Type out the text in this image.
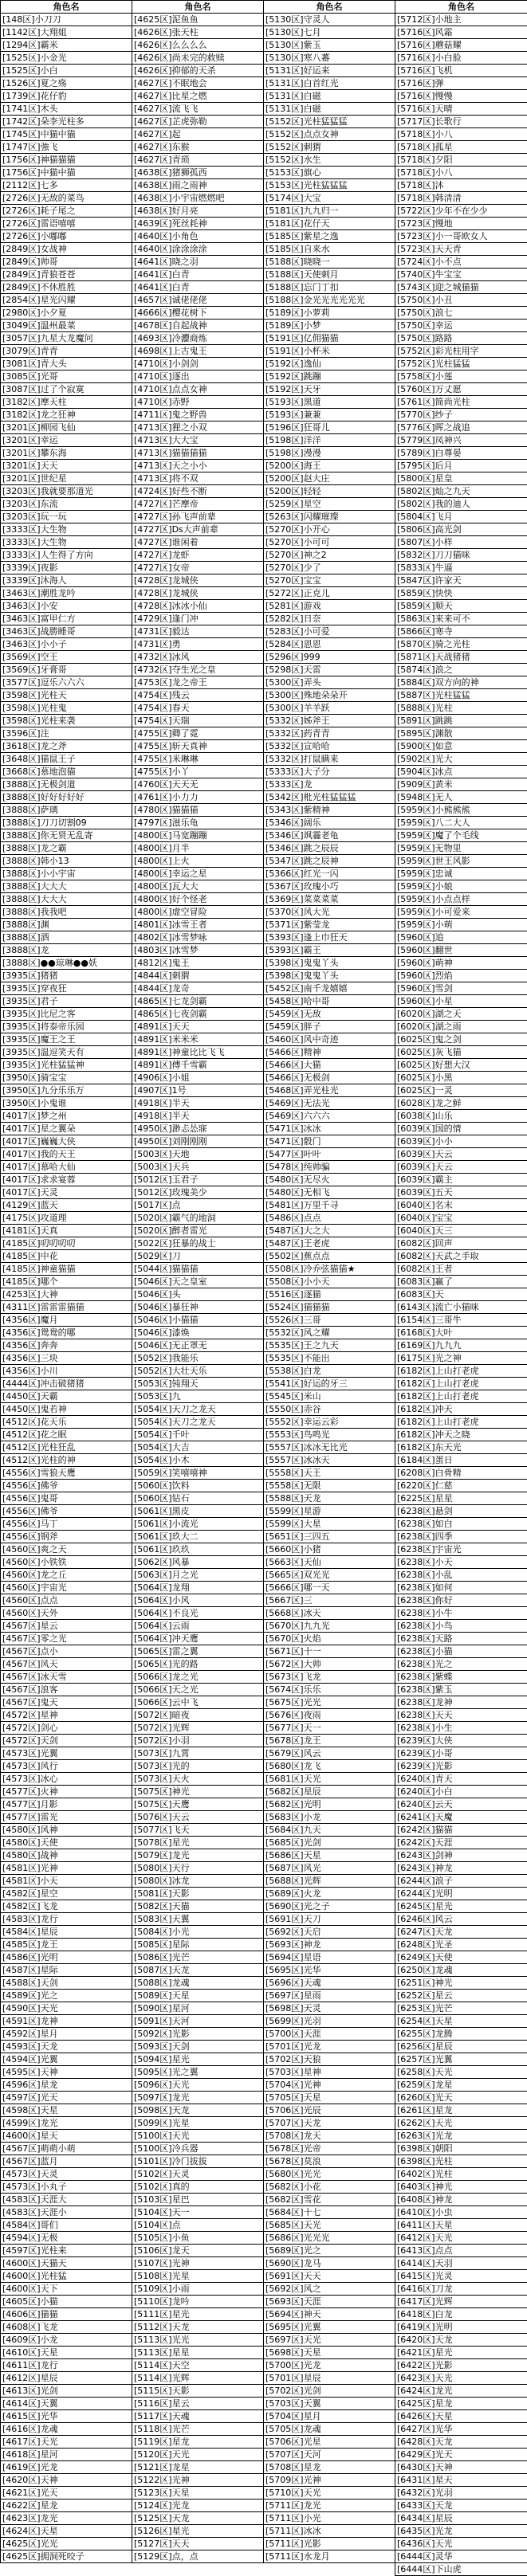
角色名	角色名	角色名	角色名
[148区]小刀刀	[4625区]泥鱼鱼	[5130区]守灵人	[5712区]小地主
[1142区]大翔姐	[4626区]张天柱	[5130区]七月	[5716区]风霜
[1294区]霸米	[4626区]么么么么	[5130区]紫玉	[5716区]蘑菇耀
[1525区]小金光	[4626区]尚未完的救赎	[5130区]寒八蕃	[5716区]小白脸
[1525区]小白	[4626区]抑郁的天杀	[5131区]好运来	[5716区]飞机
[1526区]夏之殇	[4627区]不眠地会	[5131区]白首红光	[5716区]弹
[1739区]花仔豹	[4627区]比星之燃	[5131区]白磁	[5716区]慢慢
[1741区]木头	[4627区]流飞飞	[5131区]白磁	[5716区]天晴
[1742区]朵李光柱多	[4627区]芷虎弥勒	[5152区]光柱猛猛猛	[5717区]长歌行
[1745区]中猫中猫	[4627区]起	[5152区]点点女神	[5718区]小八
[1747区]強飞	[4627区]东猴	[5152区]刺猬	[5718区]孤星
[1756区]神猫猫猫	[4627区]青琐	[5152区]水生	[5718区]夕阳
[1756区]中猫中猫	[4638区]猪狮孤西	[5153区]旗心	[5718区]小八
[2112区]七多	[4638区]雨之雨神	[5153区]光柱猛猛猛	[5718区]沐
[2726区]无敌的菜鸟	[4638区]小宇宙燃燃吧	[5174区]大宝	[5718区]韩清清
[2726区]耗子尾之	[4638区]好月亮	[5181区]九九归一	[5722区]少年不在少少
[2726区]雷语嘻嘻	[4639区]死丝耗神	[5181区]花仔天	[5723区]慢地
[2726区]小嘟嘟	[4640区]小角色	[5185区]紫星之逸	[5723区]小一哥欧女人
[2849区]女战神	[4640区]涂涂涂涂	[5185区]自来水	[5723区]天天青
[2849区]帅哥	[4641区]晓之羽	[5188区]晓晓一	[5724区]小不点
[2849区]青狼苍苍	[4641区]白青	[5188区]天使刺月	[5740区]牛宝宝
[2849区]不休胜胜	[4641区]白青	[5188区]忘门丁扣	[5743区]迎之城猫猫
[2854区]星光闪耀	[4657区]诚佬佬佬	[5188区]金光光光光光光	[5750区]小丑
[2980区]小夕夏	[4666区]樱花树下	[5189区]小萝莉	[5750区]浪七
[3049区]温州最菜	[4678区]自起战神	[5189区]小梦	[5750区]幸运
[3057区]九星大龙魔问	[4693区]冷灋商炼	[5191区]亿佣猫猫	[5750区]路路
[3079区]青青	[4698区]上古鬼王	[5191区]小杯米	[5752区]彩光柱用字
[3081区]青大头	[4710区]小剑剑	[5192区]逸仙	[5752区]光柱猛猛
[3085区]光哥	[4710区]逐出	[5192区]跳蹦	[5758区]小莲
[3087区]过了个寂寞	[4710区]点点女神	[5192区]天牙	[5760区]万丈愿
[3182区]摩天柱	[4710区]赤野	[5193区]黑道	[5761区]简尚光柱
[3182区]龙之狂神	[4711区]鬼之野兽	[5193区]兼兼	[5770区]纱子
[3201区]柳园飞仙	[4713区]狸之小双	[5196区]狂哥儿	[5776区]晖之战追
[3201区]幸运	[4713区]大大宝	[5198区]洋洋	[5779区]凤神兴
[3201区]攀东海	[4713区]猫猫猫猫	[5198区]漫漫	[5789区]白尊晏
[3201区]天天	[4713区]天之小小	[5200区]海王	[5795区]后月
[3201区]世纪星	[4713区]将不双	[5200区]赵大庄	[5800区]星皇
[3203区]我就要那道光	[4724区]好些不断	[5200区]轻轻	[5802区]灿之九天
[3203区]东流	[4727区]芒摩帝	[5259区]星空	[5802区]我的迪人
[3203区]玩一玩	[4727区]孙飞声前辈	[5263区]闪耀璀璨	[5804区]飞月
[3333区]大生物	[4727区]Ds大声前辈	[5270区]小开心	[5806区]高光剑
[3333区]大生物	[4727区]谁闲着	[5270区]小可可	[5807区]小样
[3333区]人生得了方向	[4727区]龙虾	[5270区]神之2	[5832区]刀刀猫咪
[3339区]夜影	[4727区]女帝	[5270区]少了	[5833区]牛逼
[3339区]沐海人	[4728区]龙城侠	[5270区]宝宝	[5847区]许家天
[3463区]潮胜龙吟	[4728区]龙城侠	[5272区]正克儿	[5859区]快快
[3463区]小安	[4728区]冰冰小仙	[5281区]游戏	[5859区]顺天
[3463区]富甲仁方	[4729区]逢门冲	[5282区]日奈	[5863区]来来可不
[3463区]战勝睡哥	[4731区]毅达	[5283区]小可爱	[5866区]寒寺
[3463区]小小子	[4731区]勇	[5284区]恩恩	[5870区]骑之光柱
[3569区]空王	[4732区]冰风	[5296区]999	[5871区]天战猪猪
[3569区]牙膏哥	[4732区]夺生光之皇	[5298区]天雷	[5874区]浪之
[3577区]逗乐六六六	[4753区]龙之帝王	[5300区]弄头	[5884区]双方向的神
[3598区]光柱天	[4754区]残云	[5300区]殊地朵朵开	[5887区]光柱猛猛
[3598区]光柱鬼	[4754区]春天	[5300区]羊羊跃	[5888区]光柱
[3598区]光柱来袭	[4754区]天瑞	[5332区]姊斧王	[5891区]跳跳
[3596区]注	[4755区]卿了霓	[5332区]药青青	[5895区]渊散
[3618区]龙之斧	[4755区]斩天真神	[5332区]宣哈哈	[5900区]如意
[3648区]猫鼠王子	[4755区]米琳琳	[5332区]打鼠瞒来	[5902区]光大
[3668区]慕地泡猫	[4755区]小丫	[5333区]大子分	[5904区]冰点
[3888区]无极剑道	[4760区]天天无	[5333区]龙	[5909区]黄米
[3888区]好好好好好	[4761区]小力力	[5342区]枇光柱猛猛猛	[5948区]无人
[3888区]萨璃	[4780区]猫猫猫	[5343区]紫精神	[5959区]小熊熊熊
[3888区]刀刀切割09	[4797区]滋乐龟	[5346区]阔乐	[5959区]八二大人
[3888区]你无贤无乱寄	[4800区]马宽蹦蹦	[5346区]飒霾老龟	[5959区]魔了个毛线
[3888区]龙之霸	[4800区]月半	[5346区]跳之辰辰	[5959区]无物里
[3888区]韩小13	[4800区]上火	[5347区]跳之辰神	[5959区]世王风影
[3888区]小小宇宙	[4800区]幸运之星	[5366区]红光一闪	[5959区]忠诚
[3888区]大大大	[4800区]瓦大大	[5367区]玫瑰小巧	[5959区]小娘
[3888区]大大大	[4800区]好个怪老	[5369区]菜菜菜菜	[5959区]小点点样
[3888区]我我吧	[4800区]虚空冒险	[5370区]风大光	[5959区]小可爱来
[3888区]渊	[4801区]冰雪王者	[5371区]紫莹龙	[5959区]小萌
[3888区]酒	[4802区]冰雪梦咏	[5393区]逢上巾狂天	[5960区]追
[3888区]龙	[4803区]冰雪梦	[5393区]霸王	[5960区]翻世
[3888区]●●琼琳●●妖	[4812区]鬼王	[5398区]鬼鬼丫头	[5960区]萌神
[3935区]猪猪	[4844区]刺猬	[5398区]鬼鬼丫头	[5960区]烈焰
[3935区]穿夜狂	[4844区]龙奇	[5452区]南千龙嬉嬉	[5960区]雪剑
[3935区]君子	[4865区]七龙剑霸	[5458区]哈中哥	[5960区]小星
[3935区]比尼之客	[4865区]七夜剑霸	[5459区]无敌	[6020区]湖之天
[3935区]将泰帝乐园	[4891区]天天	[5459区]胖子	[6020区]湖之雨
[3935区]魔王之王	[4891区]米米米	[5460区]风中奇迹	[6025区]鬼之剑
[3935区]温逗笑天有	[4891区]神童比比飞飞	[5466区]精神	[6025区]灰飞猫
[3935区]光柱猛猛神	[4891区]傅千雪霸	[5466区]大猫	[6025区]好想大汉
[3950区]骑宝宝	[4906区]小姐	[5466区]无极剑	[6025区]小黑
[3950区]九分乐乐万	[4907区]1号	[5468区]弄光柱光	[6025区]一灵
[3950区]小鬼谁	[4918区]半天	[5469区]无法光	[6028区]龙之鲜
[4017区]梦之州	[4918区]半天	[5469区]六六六	[6038区]山乐
[4017区]星之翼朵	[4950区]渺忐怂寐	[5471区]冰冰	[6039区]国的情
[4017区]巍巍大侠	[4950区]刘刚刚刚	[5471区]骰门	[6039区]小小
[4017区]我的天王	[5003区]天地	[5477区]叶叶	[6039区]天云
[4017区]慕哈大仙	[5003区]天兵	[5478区]纯帅骗	[6039区]天云
[4017区]求求宴蓉	[5012区]玉君子	[5480区]无尽火	[6039区]霸主
[4017区]天灵	[5012区]玫瑰美少	[5480区]无相飞	[6039区]五天
[4129区]蓝天	[5017区]点	[5481区]万里千寻	[6040区]名末
[4175区]攻道理	[5020区]霸气的地洞	[5486区]点点	[6040区]宝宝
[4181区]天真	[5020区]醉者雷光	[5487区]大之大	[6040区]天三
[4185区]叨叨叨叨	[5022区]狂暴的战士	[5487区]王老虎	[6082区]回声
[4185区]中花	[5029区]刀	[5502区]蕉点点	[6082区]天武之手取
[4185区]神童猫猫	[5044区]猫猫猫	[5508区]冷乔弦猫猫★	[6082区]王者
[4185区]哪个	[5046区]天之皇室	[5508区]小小天	[6083区]赢了
[4253区]大神	[5046区]头	[5516区]逐猫	[6083区]天
[4311区]雷雷雷猫猫	[5046区]暴狂神	[5524区]猫猫猫	[6143区]流亡小猫咪
[4356区]魔月	[5046区]小猫猫	[5526区]三哥	[6154区]三哥牛
[4356区]鸳鸯的哪	[5046区]漆焕	[5532区]风之耀	[6168区]大叶
[4356区]奔奔	[5046区]无正罩无	[5535区]王之九天	[6169区]九九九
[4356区]三块	[5052区]我能乐	[5535区]不能出	[6175区]光之神
[4356区]小川	[5052区]大壮天乐	[5538区]白龙	[6182区]上山打老虎
[4444区]冲击破猪猪	[5053区]钝翔天	[5541区]好运的牙三	[6182区]上山打老虎
[4450区]天霸	[5053区]九	[5545区]米山	[6182区]上山打老虎
[4450区]鬼若神	[5054区]天刀之龙天	[5550区]赤谷	[6182区]冲天
[4512区]花天乐	[5054区]天刀之龙天	[5552区]幸运云彩	[6182区]上山打老虎
[4512区]花之眠	[5054区]千叶	[5553区]鸟鸣光	[6182区]冲天之晓
[4512区]光柱狂乱	[5054区]大吉	[5557区]冰冰无比光	[6182区]东天光
[4512区]光柱的神	[5054区]小木	[5557区]冰冰天	[6184区]蛋日
[4556区]雪狼天鹰	[5059区]笑嘻嘻神	[5558区]天王	[6208区]白骨精
[4556区]佛爷	[5060区]饮料	[5558区]无限	[6220区]仁慈
[4556区]鬼哥	[5060区]钻石	[5588区]天龙	[6225区]星星
[4556区]佛爷	[5061区]黑皮	[5599区]星游	[6238区]悬剑
[4556区]马丁	[5061区]小流光	[5599区]大星	[6238区]如白
[4556区]钢斧	[5061区]玖大二	[5651区]三四五	[6238区]四季
[4560区]爽之天	[5061区]玖玖	[5660区]小猪	[6238区]宇宙光
[4560区]小铁铁	[5062区]风暴	[5663区]天仙	[6238区]小天
[4560区]龙之丘	[5063区]月之光	[5665区]双光光	[6238区]小乱
[4560区]宇宙光	[5064区]龙翔	[5666区]哪一天	[6238区]如何
[4560区]点点	[5064区]小风	[5667区]三	[6238区]你好
[4560区]天外	[5064区]不良光	[5668区]冰天	[6238区]小牛
[4567区]星云	[5064区]云雨	[5670区]九九光	[6238区]小鸟
[4567区]零之光	[5064区]冲天鹰	[5670区]火焰	[6238区]天路
[4567区]点小	[5065区]雷之翼	[5671区]十一	[6238区]小猫
[4567区]风天	[5065区]光的路	[5672区]大帅	[6238区]光之
[4567区]冰天雪	[5066区]龙之光	[5673区]飞龙	[6238区]紫蝶
[4567区]浪客	[5066区]天之光	[5674区]乐乐	[6238区]紫玉
[4567区]鬼天	[5066区]云中飞	[5675区]光光	[6238区]龙神
[4572区]星神	[5072区]暗夜	[5676区]夜雨	[6238区]天天
[4572区]剑心	[5072区]光辉	[5677区]天一	[6238区]小生
[4572区]天剑	[5072区]小羽	[5678区]龙王	[6239区]大侠
[4573区]光翼	[5073区]九霄	[5679区]风云	[6239区]小哥
[4573区]风行	[5073区]光的	[5680区]龙飞	[6239区]光影
[4573区]冰心	[5073区]天火	[5681区]天光	[6240区]青天
[4577区]火神	[5075区]神光	[5682区]星辰	[6240区]小白
[4577区]月影	[5075区]天鹰	[5682区]光明	[6240区]云天
[4577区]雷光	[5076区]天云	[5683区]小龙	[6241区]天魔
[4580区]风神	[5077区]飞天	[5684区]九天	[6242区]猫猫
[4580区]天使	[5078区]星光	[5685区]光剑	[6242区]天涯
[4580区]战神	[5079区]龙光	[5686区]天星	[6243区]剑神
[4581区]光神	[5080区]天行	[5687区]风光	[6243区]神龙
[4581区]小天	[5080区]冰龙	[5688区]光辉	[6244区]浪子
[4582区]星空	[5081区]天影	[5689区]火龙	[6244区]光明
[4582区]飞龙	[5082区]天猫	[5690区]光之子	[6245区]星光
[4583区]龙行	[5083区]天翼	[5691区]天刀	[6246区]风云
[4584区]星辰	[5084区]小光	[5692区]天启	[6247区]天龙
[4585区]龙王	[5085区]星际	[5693区]神龙	[6248区]光圣
[4586区]光明	[5086区]光芒	[5694区]星语	[6249区]天使
[4587区]星际	[5087区]天龙	[5695区]光华	[6250区]龙魂
[4588区]天剑	[5088区]龙魂	[5696区]天魂	[6251区]神光
[4589区]光之	[5089区]天星	[5697区]星雨	[6252区]星云
[4590区]天光	[5090区]星河	[5698区]天灵	[6253区]光芒
[4591区]龙神	[5091区]天河	[5699区]光羽	[6254区]天星
[4592区]星月	[5092区]光影	[5700区]天涯	[6255区]龙腾
[4593区]天龙	[5093区]天剑	[5701区]光龙	[6256区]星辰
[4594区]光翼	[5094区]星光	[5702区]天狼	[6257区]光翼
[4595区]天神	[5095区]光之翼	[5703区]星神	[6258区]天光
[4596区]星龙	[5096区]天光	[5704区]光神	[6259区]龙星
[4597区]光天	[5097区]龙光	[5705区]天星	[6260区]光天
[4598区]天星	[5098区]天龙	[5706区]光辰	[6261区]星龙
[4599区]龙光	[5099区]光星	[5707区]天龙	[6262区]天光
[4600区]星天	[5100区]天光	[5708区]龙天	[6263区]光龙
[4567区]萌萌小萌	[5100区]冷兵器	[5678区]光帝	[6398区]朝阳
[4567区]蓝月	[5101区]冷门拔拔	[5678区]莫浪	[6398区]光柱
[4573区]天灵	[5102区]天灵	[5680区]光光	[6402区]光柱
[4573区]小丸子	[5102区]真的	[5682区]小花	[6403区]神光
[4583区]天涯大	[5103区]星巴	[5682区]雪花	[6408区]神龙
[4583区]天涯小	[5104区]天一	[5684区]十七	[6410区]小虫
[4584区]哥们	[5104区]点	[5685区]天光	[6411区]天星
[4594区]无极	[5105区]小鱼	[5686区]光光光	[6412区]天光
[4597区]光柱来	[5106区]龙天	[5689区]光之	[6413区]点点
[4600区]天猫天	[5107区]光神	[5690区]龙马	[6414区]天羽
[4600区]光柱猛	[5108区]光星	[5691区]天天	[6415区]光灵
[4600区]天下	[5109区]小雨	[5692区]风之	[6416区]刀龙
[4605区]小猫	[5110区]龙吟	[5693区]天涯	[6417区]光辉
[4606区]猫猫	[5111区]星光	[5694区]神天	[6418区]白龙
[4608区]飞龙	[5112区]天龙	[5695区]光翼	[6419区]光明
[4609区]小龙	[5113区]光光	[5697区]天光	[6420区]天龙
[4610区]天星	[5113区]星星	[5698区]天星	[6421区]星光
[4611区]龙行	[5114区]天空	[5700区]光龙	[6422区]光影
[4612区]星辰	[5114区]光辉	[5701区]星辰	[6423区]天光
[4613区]光剑	[5115区]天影	[5702区]光剑	[6424区]龙光
[4614区]天翼	[5116区]星云	[5703区]天翼	[6425区]星龙
[4615区]光华	[5117区]天魂	[5704区]星月	[6426区]天星
[4616区]龙魂	[5118区]光芒	[5705区]龙魂	[6427区]光华
[4617区]天光	[5119区]星龙	[5706区]光星	[6428区]天龙
[4618区]星河	[5120区]天光	[5707区]天河	[6429区]光天
[4619区]光龙	[5121区]龙星	[5708区]星龙	[6430区]天神
[4620区]天神	[5122区]光神	[5709区]光神	[6431区]星天
[4621区]光天	[5123区]天星	[5710区]天光	[6432区]光羽
[4622区]星龙	[5124区]光龙	[5711区]龙光	[6433区]天龙
[4623区]龙光	[5125区]天龙	[5711区]小光	[6434区]星辰
[4624区]天星	[5126区]星光	[5711区]冰冰	[6435区]光龙
[4625区]光光	[5127区]天天	[5711区]光影	[6436区]天光
[4625区]拥洞死咬子	[5129区]点，点	[5711区]水龙月	[6444区]灵华
			[6444区]下山虎
